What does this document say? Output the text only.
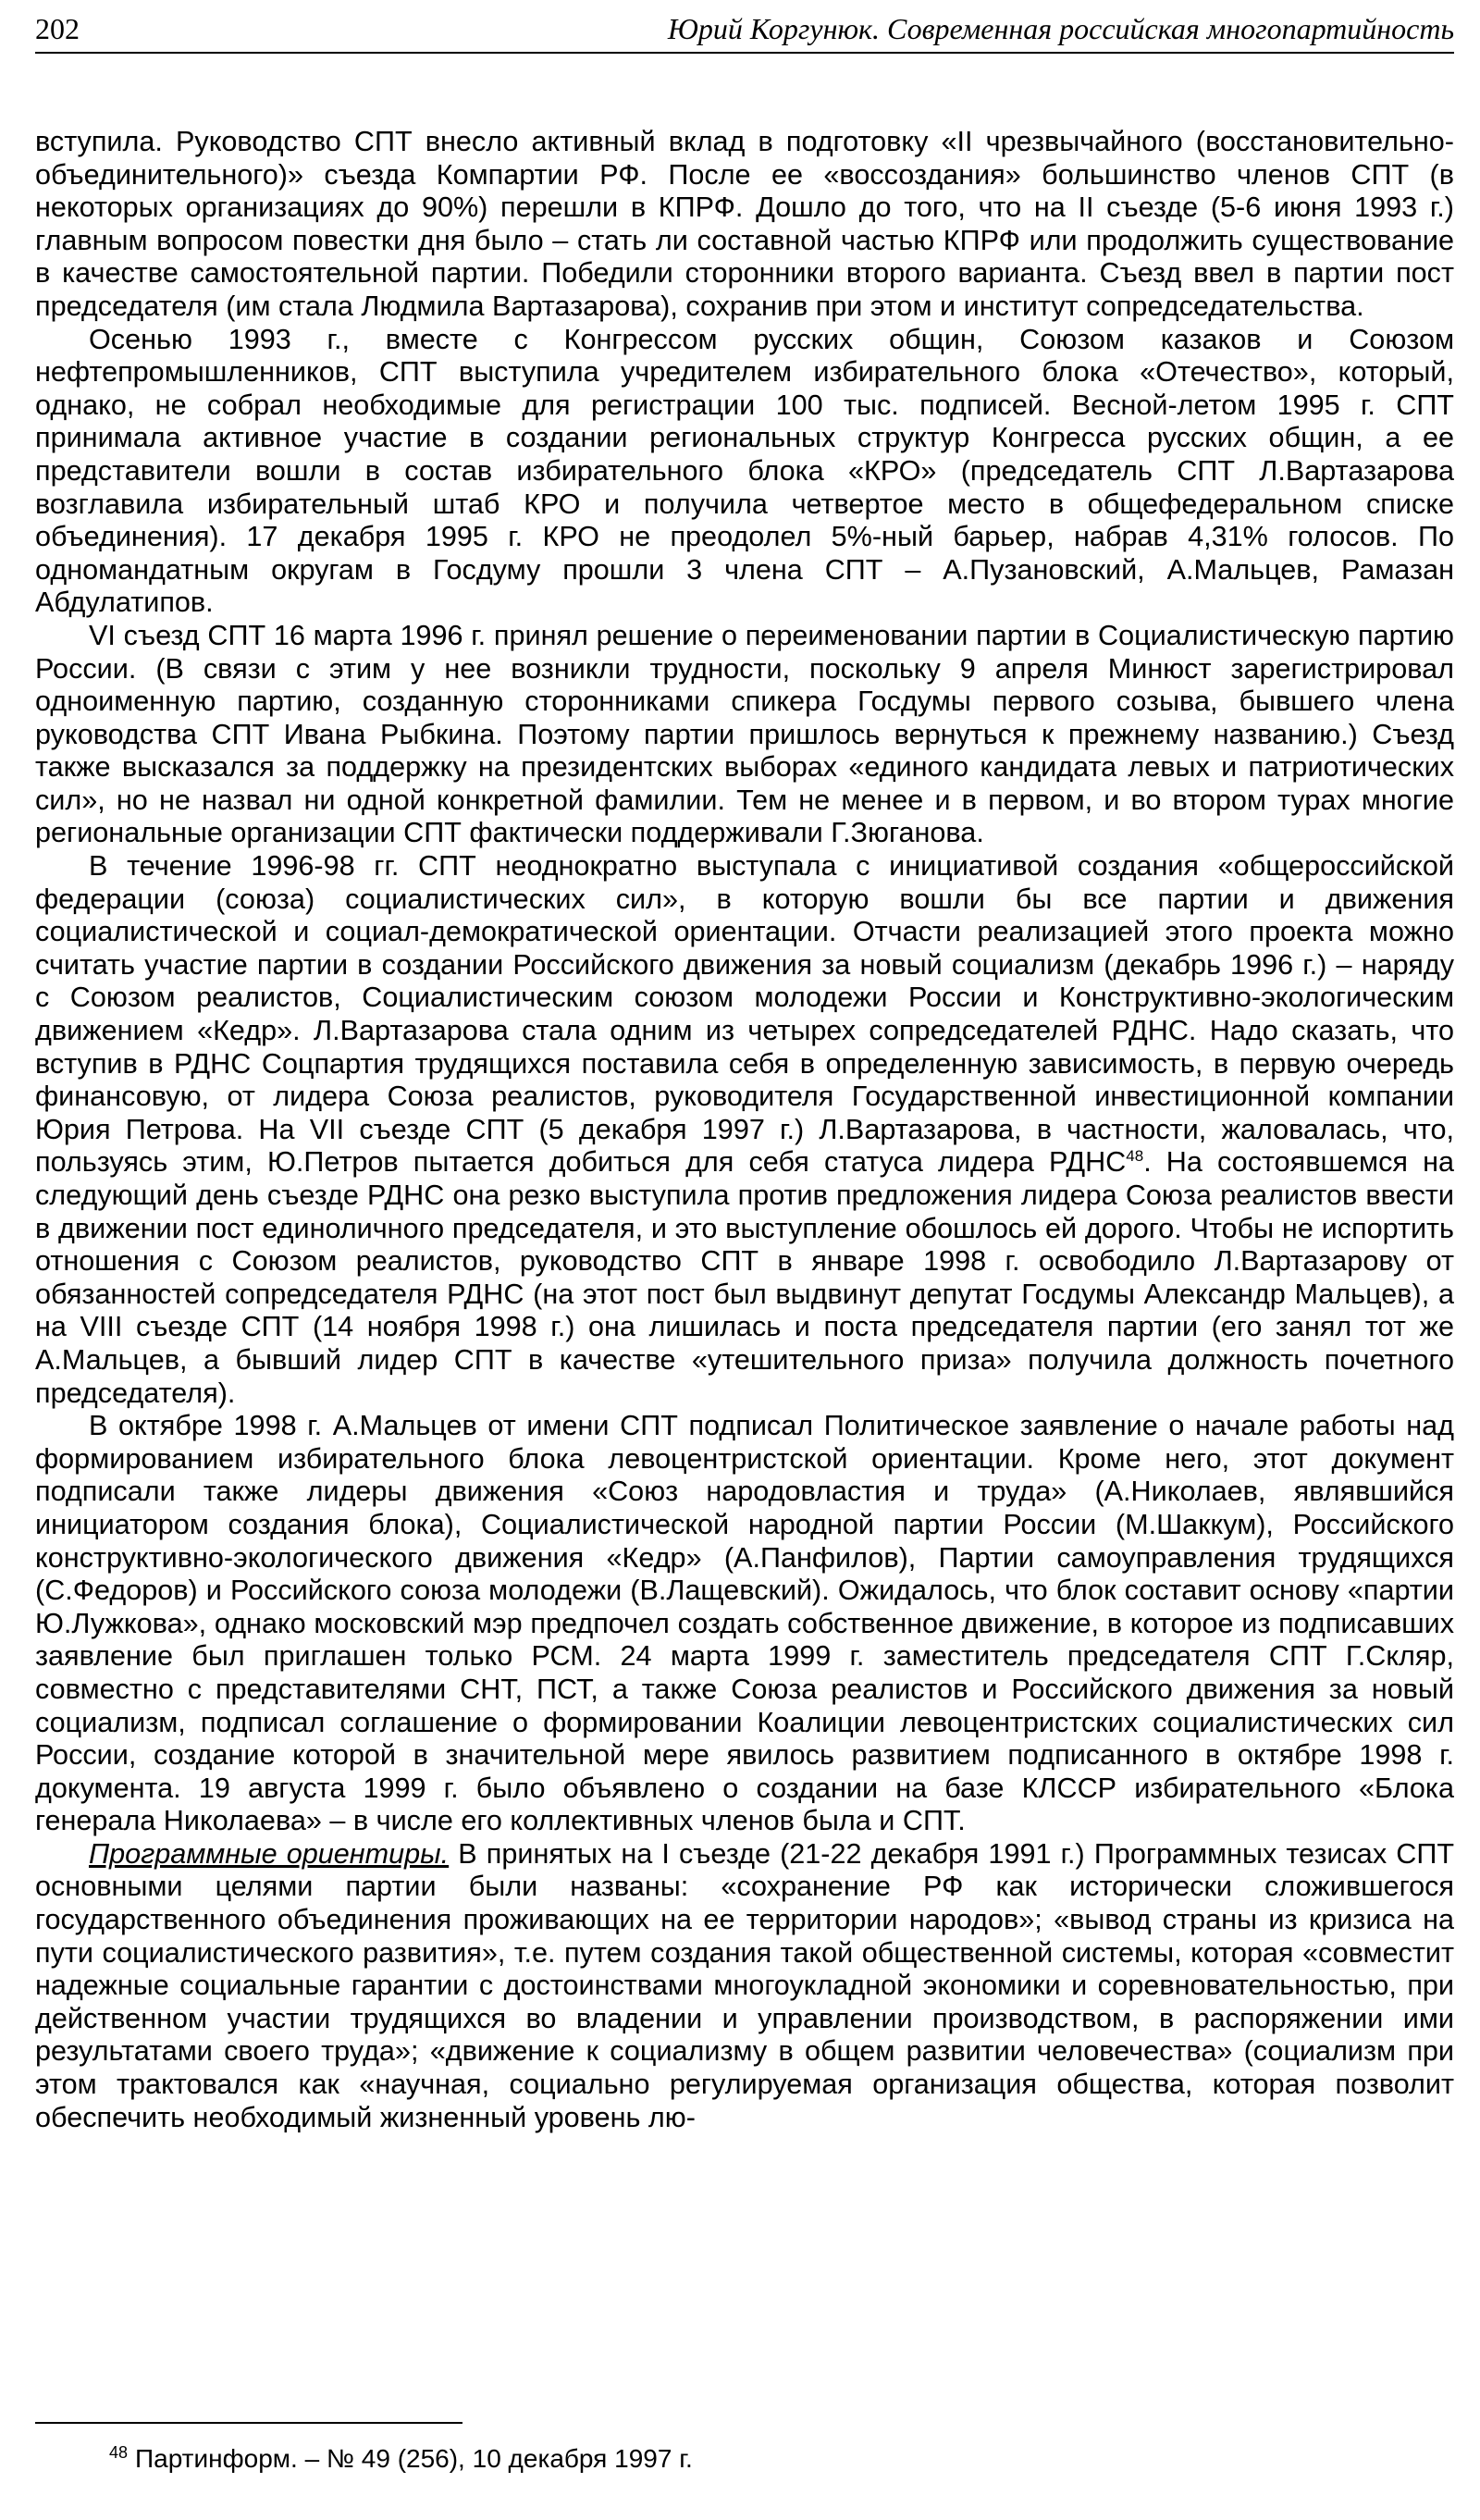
202	Юрий Коргунюк. Современная российская многопартийность

вступила. Руководство СПТ внесло активный вклад в подготовку «II чрезвычайного (восстановительно-объединительного)» съезда Компартии РФ. После ее «воссоздания» большинство членов СПТ (в некоторых организациях до 90%) перешли в КПРФ. Дошло до того, что на II съезде (5-6 июня 1993 г.) главным вопросом повестки дня было – стать ли составной частью КПРФ или продолжить существование в качестве самостоятельной партии. Победили сторонники второго варианта. Съезд ввел в партии пост председателя (им стала Людмила Вартазарова), сохранив при этом и институт сопредседательства.

Осенью 1993 г., вместе с Конгрессом русских общин, Союзом казаков и Союзом нефтепромышленников, СПТ выступила учредителем избирательного блока «Отечество», который, однако, не собрал необходимые для регистрации 100 тыс. подписей. Весной-летом 1995 г. СПТ принимала активное участие в создании региональных структур Конгресса русских общин, а ее представители вошли в состав избирательного блока «КРО» (председатель СПТ Л.Вартазарова возглавила избирательный штаб КРО и получила четвертое место в общефедеральном списке объединения). 17 декабря 1995 г. КРО не преодолел 5%-ный барьер, набрав 4,31% голосов. По одномандатным округам в Госдуму прошли 3 члена СПТ – А.Пузановский, А.Мальцев, Рамазан Абдулатипов.

VI съезд СПТ 16 марта 1996 г. принял решение о переименовании партии в Социалистическую партию России. (В связи с этим у нее возникли трудности, поскольку 9 апреля Минюст зарегистрировал одноименную партию, созданную сторонниками спикера Госдумы первого созыва, бывшего члена руководства СПТ Ивана Рыбкина. Поэтому партии пришлось вернуться к прежнему названию.) Съезд также высказался за поддержку на президентских выборах «единого кандидата левых и патриотических сил», но не назвал ни одной конкретной фамилии. Тем не менее и в первом, и во втором турах многие региональные организации СПТ фактически поддерживали Г.Зюганова.

В течение 1996-98 гг. СПТ неоднократно выступала с инициативой создания «общероссийской федерации (союза) социалистических сил», в которую вошли бы все партии и движения социалистической и социал-демократической ориентации. Отчасти реализацией этого проекта можно считать участие партии в создании Российского движения за новый социализм (декабрь 1996 г.) – наряду с Союзом реалистов, Социалистическим союзом молодежи России и Конструктивно-экологическим движением «Кедр». Л.Вартазарова стала одним из четырех сопредседателей РДНС. Надо сказать, что вступив в РДНС Соцпартия трудящихся поставила себя в определенную зависимость, в первую очередь финансовую, от лидера Союза реалистов, руководителя Государственной инвестиционной компании Юрия Петрова. На VII съезде СПТ (5 декабря 1997 г.) Л.Вартазарова, в частности, жаловалась, что, пользуясь этим, Ю.Петров пытается добиться для себя статуса лидера РДНС$^{48}$. На состоявшемся на следующий день съезде РДНС она резко выступила против предложения лидера Союза реалистов ввести в движении пост единоличного председателя, и это выступление обошлось ей дорого. Чтобы не испортить отношения с Союзом реалистов, руководство СПТ в январе 1998 г. освободило Л.Вартазарову от обязанностей сопредседателя РДНС (на этот пост был выдвинут депутат Госдумы Александр Мальцев), а на VIII съезде СПТ (14 ноября 1998 г.) она лишилась и поста председателя партии (его занял тот же А.Мальцев, а бывший лидер СПТ в качестве «утешительного приза» получила должность почетного председателя).

В октябре 1998 г. А.Мальцев от имени СПТ подписал Политическое заявление о начале работы над формированием избирательного блока левоцентристской ориентации. Кроме него, этот документ подписали также лидеры движения «Союз народовластия и труда» (А.Николаев, являвшийся инициатором создания блока), Социалистической народной партии России (М.Шаккум), Российского конструктивно-экологического движения «Кедр» (А.Панфилов), Партии самоуправления трудящихся (С.Федоров) и Российского союза молодежи (В.Лащевский). Ожидалось, что блок составит основу «партии Ю.Лужкова», однако московский мэр предпочел создать собственное движение, в которое из подписавших заявление был приглашен только РСМ. 24 марта 1999 г. заместитель председателя СПТ Г.Скляр, совместно с представителями СНТ, ПСТ, а также Союза реалистов и Российского движения за новый социализм, подписал соглашение о формировании Коалиции левоцентристских социалистических сил России, создание которой в значительной мере явилось развитием подписанного в октябре 1998 г. документа. 19 августа 1999 г. было объявлено о создании на базе КЛССР избирательного «Блока генерала Николаева» – в числе его коллективных членов была и СПТ.

Программные ориентиры. В принятых на I съезде (21-22 декабря 1991 г.) Программных тезисах СПТ основными целями партии были названы: «сохранение РФ как исторически сложившегося государственного объединения проживающих на ее территории народов»; «вывод страны из кризиса на пути социалистического развития», т.е. путем создания такой общественной системы, которая «совместит надежные социальные гарантии с достоинствами многоукладной экономики и соревновательностью, при действенном участии трудящихся во владении и управлении производством, в распоряжении ими результатами своего труда»; «движение к социализму в общем развитии человечества» (социализм при этом трактовался как «научная, социально регулируемая организация общества, которая позволит обеспечить необходимый жизненный уровень лю-

$^{48}$ Партинформ. – № 49 (256), 10 декабря 1997 г.
